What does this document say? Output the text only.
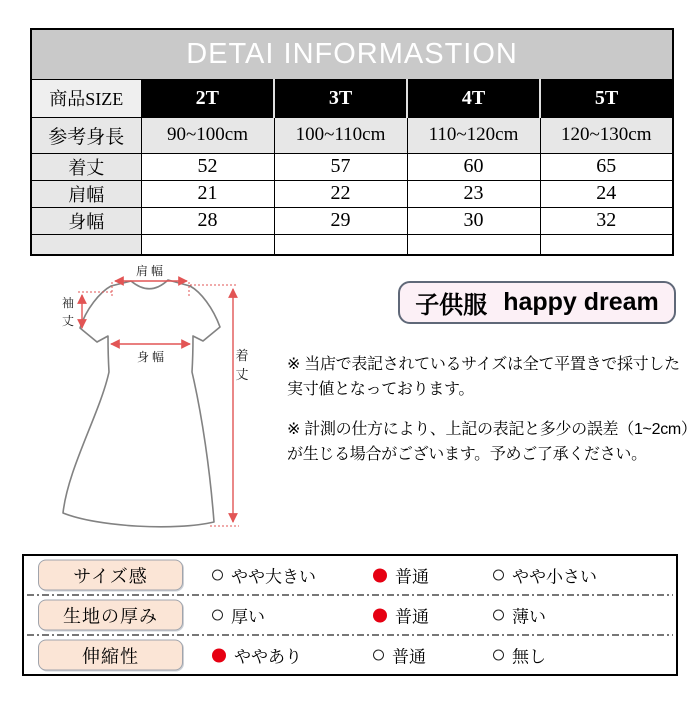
DETAI INFORMASTION				
商品SIZE	2T	3T	4T	5T
参考身長	90~100cm	100~110cm	110~120cm	120~130cm
着丈	52	57	60	65
肩幅	21	22	23	24
身幅	28	29	30	32

肩幅
着
丈
袖
丈
身幅
子供服 happy dream
※ 当店で表記されているサイズは全て平置きで採寸した
実寸値となっております。
※ 計測の仕方により、上記の表記と多少の誤差（1~2cm）
が生じる場合がございます。予めご了承ください。
サイズ感	やや大きい	普通	やや小さい
生地の厚み	厚い	普通	薄い
伸縮性	ややあり	普通	無し
